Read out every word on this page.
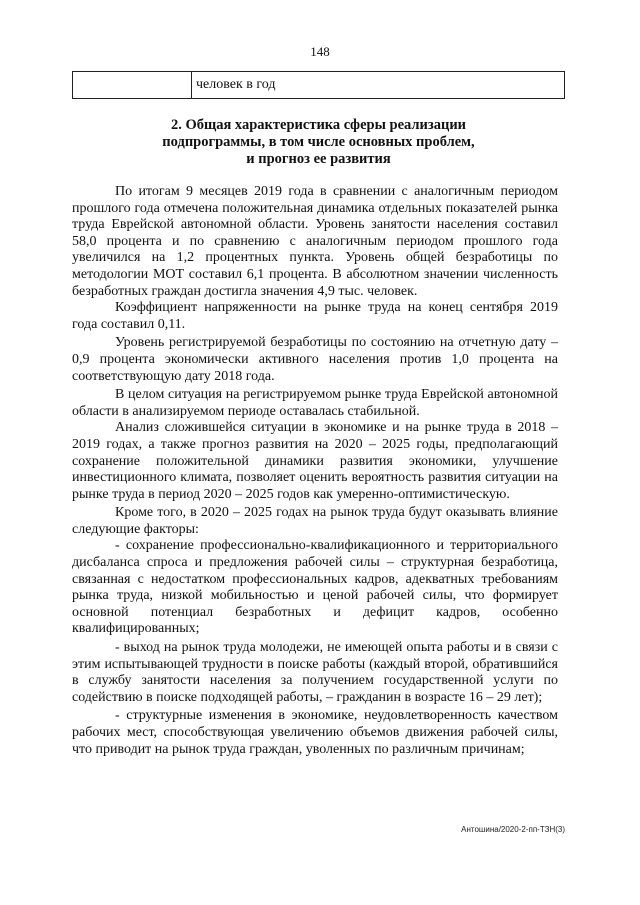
148
	человек в год
2. Общая характеристика сферы реализации
подпрограммы, в том числе основных проблем,
и прогноз ее развития

По итогам 9 месяцев 2019 года в сравнении с аналогичным периодом прошлого года отмечена положительная динамика отдельных показателей рынка труда Еврейской автономной области. Уровень занятости населения составил 58,0 процента и по сравнению с аналогичным периодом прошлого года увеличился на 1,2 процентных пункта. Уровень общей безработицы по методологии МОТ составил 6,1 процента. В абсолютном значении численность безработных граждан достигла значения 4,9 тыс. человек.

Коэффициент напряженности на рынке труда на конец сентября 2019 года составил 0,11.

Уровень регистрируемой безработицы по состоянию на отчетную дату – 0,9 процента экономически активного населения против 1,0 процента на соответствующую дату 2018 года.

В целом ситуация на регистрируемом рынке труда Еврейской автономной области в анализируемом периоде оставалась стабильной.

Анализ сложившейся ситуации в экономике и на рынке труда в 2018 – 2019 годах, а также прогноз развития на 2020 – 2025 годы, предполагающий сохранение положительной динамики развития экономики, улучшение инвестиционного климата, позволяет оценить вероятность развития ситуации на рынке труда в период 2020 – 2025 годов как умеренно-оптимистическую.

Кроме того, в 2020 – 2025 годах на рынок труда будут оказывать влияние следующие факторы:

- сохранение профессионально-квалификационного и территориального дисбаланса спроса и предложения рабочей силы – структурная безработица, связанная с недостатком профессиональных кадров, адекватных требованиям рынка труда, низкой мобильностью и ценой рабочей силы, что формирует основной потенциал безработных и дефицит кадров, особенно квалифицированных;

- выход на рынок труда молодежи, не имеющей опыта работы и в связи с этим испытывающей трудности в поиске работы (каждый второй, обратившийся в службу занятости населения за получением государственной услуги по содействию в поиске подходящей работы, – гражданин в возрасте 16 – 29 лет);

- структурные изменения в экономике, неудовлетворенность качеством рабочих мест, способствующая увеличению объемов движения рабочей силы, что приводит на рынок труда граждан, уволенных по различным причинам;

Антошина/2020-2-пп-ТЗН(3)
